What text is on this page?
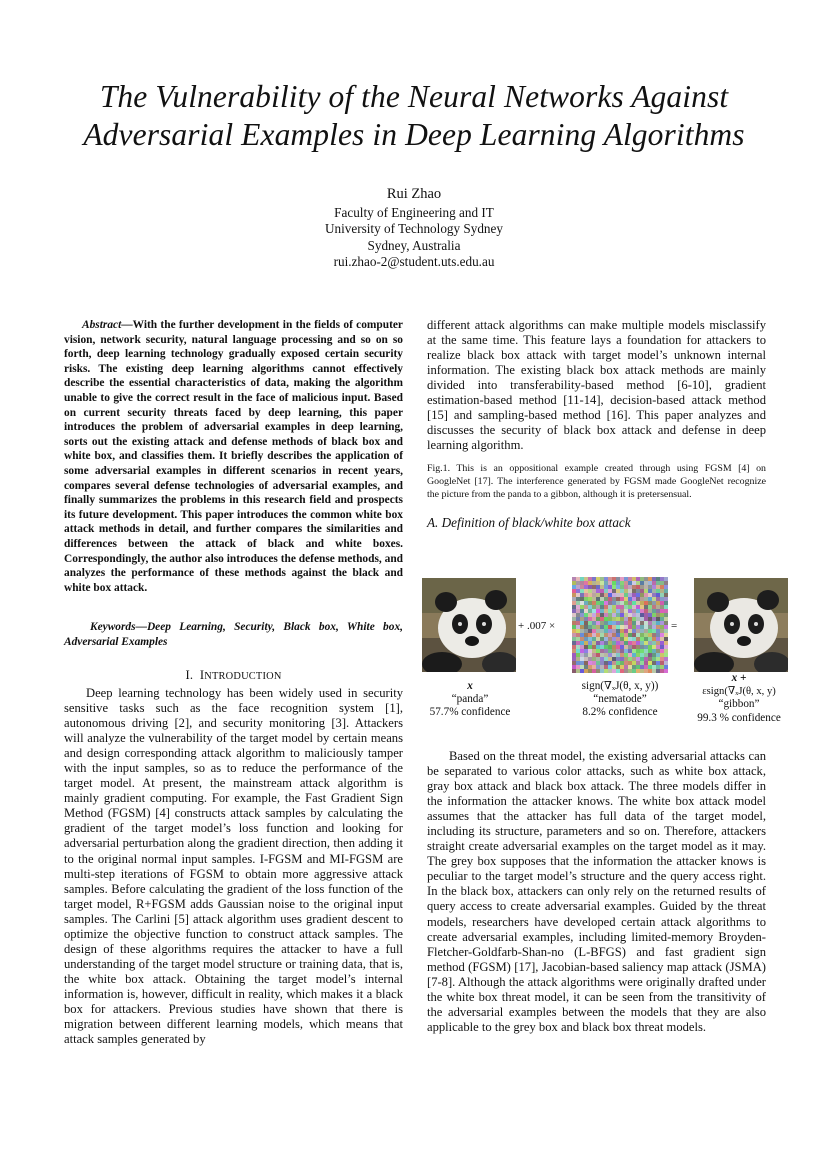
The Vulnerability of the Neural Networks Against
Adversarial Examples in Deep Learning Algorithms
Rui Zhao
Faculty of Engineering and IT
University of Technology Sydney
Sydney, Australia
rui.zhao-2@student.uts.edu.au
Abstract—With the further development in the fields of computer vision, network security, natural language processing and so on so forth, deep learning technology gradually exposed certain security risks. The existing deep learning algorithms cannot effectively describe the essential characteristics of data, making the algorithm unable to give the correct result in the face of malicious input. Based on current security threats faced by deep learning, this paper introduces the problem of adversarial examples in deep learning, sorts out the existing attack and defense methods of black box and white box, and classifies them. It briefly describes the application of some adversarial examples in different scenarios in recent years, compares several defense technologies of adversarial examples, and finally summarizes the problems in this research field and prospects its future development. This paper introduces the common white box attack methods in detail, and further compares the similarities and differences between the attack of black and white boxes. Correspondingly, the author also introduces the defense methods, and analyzes the performance of these methods against the black and white box attack.
Keywords—Deep Learning, Security, Black box, White box, Adversarial Examples
I. INTRODUCTION
Deep learning technology has been widely used in security sensitive tasks such as the face recognition system [1], autonomous driving [2], and security monitoring [3]. Attackers will analyze the vulnerability of the target model by certain means and design corresponding attack algorithm to maliciously tamper with the input samples, so as to reduce the performance of the target model. At present, the mainstream attack algorithm is mainly gradient computing. For example, the Fast Gradient Sign Method (FGSM) [4] constructs attack samples by calculating the gradient of the target model’s loss function and looking for adversarial perturbation along the gradient direction, then adding it to the original normal input samples. I-FGSM and MI-FGSM are multi-step iterations of FGSM to obtain more aggressive attack samples. Before calculating the gradient of the loss function of the target model, R+FGSM adds Gaussian noise to the original input samples. The Carlini [5] attack algorithm uses gradient descent to optimize the objective function to construct attack samples. The design of these algorithms requires the attacker to have a full understanding of the target model structure or training data, that is, the white box attack. Obtaining the target model’s internal information is, however, difficult in reality, which makes it a black box for attackers. Previous studies have shown that there is migration between different learning models, which means that attack samples generated by
different attack algorithms can make multiple models misclassify at the same time. This feature lays a foundation for attackers to realize black box attack with target model’s unknown internal information. The existing black box attack methods are mainly divided into transferability-based method [6-10], gradient estimation-based method [11-14], decision-based attack method [15] and sampling-based method [16]. This paper analyzes and discusses the security of black box attack and defense in deep learning algorithm.
Fig.1. This is an oppositional example created through using FGSM [4] on GoogleNet [17]. The interference generated by FGSM made GoogleNet recognize the picture from the panda to a gibbon, although it is pretersensual.
A. Definition of black/white box attack
+ .007 ×	=
x
“panda”
57.7% confidence
sign(∇ₓJ(θ, x, y))
“nematode”
8.2% confidence
x +
εsign(∇ₓJ(θ, x, y)
“gibbon”
99.3 % confidence
Based on the threat model, the existing adversarial attacks can be separated to various color attacks, such as white box attack, gray box attack and black box attack. The three models differ in the information the attacker knows. The white box attack model assumes that the attacker has full data of the target model, including its structure, parameters and so on. Therefore, attackers straight create adversarial examples on the target model as it may. The grey box supposes that the information the attacker knows is peculiar to the target model’s structure and the query access right. In the black box, attackers can only rely on the returned results of query access to create adversarial examples. Guided by the threat models, researchers have developed certain attack algorithms to create adversarial examples, including limited-memory Broyden-Fletcher-Goldfarb-Shan-no (L-BFGS) and fast gradient sign method (FGSM) [17], Jacobian-based saliency map attack (JSMA) [7-8]. Although the attack algorithms were originally drafted under the white box threat model, it can be seen from the transitivity of the adversarial examples between the models that they are also applicable to the grey box and black box threat models.
